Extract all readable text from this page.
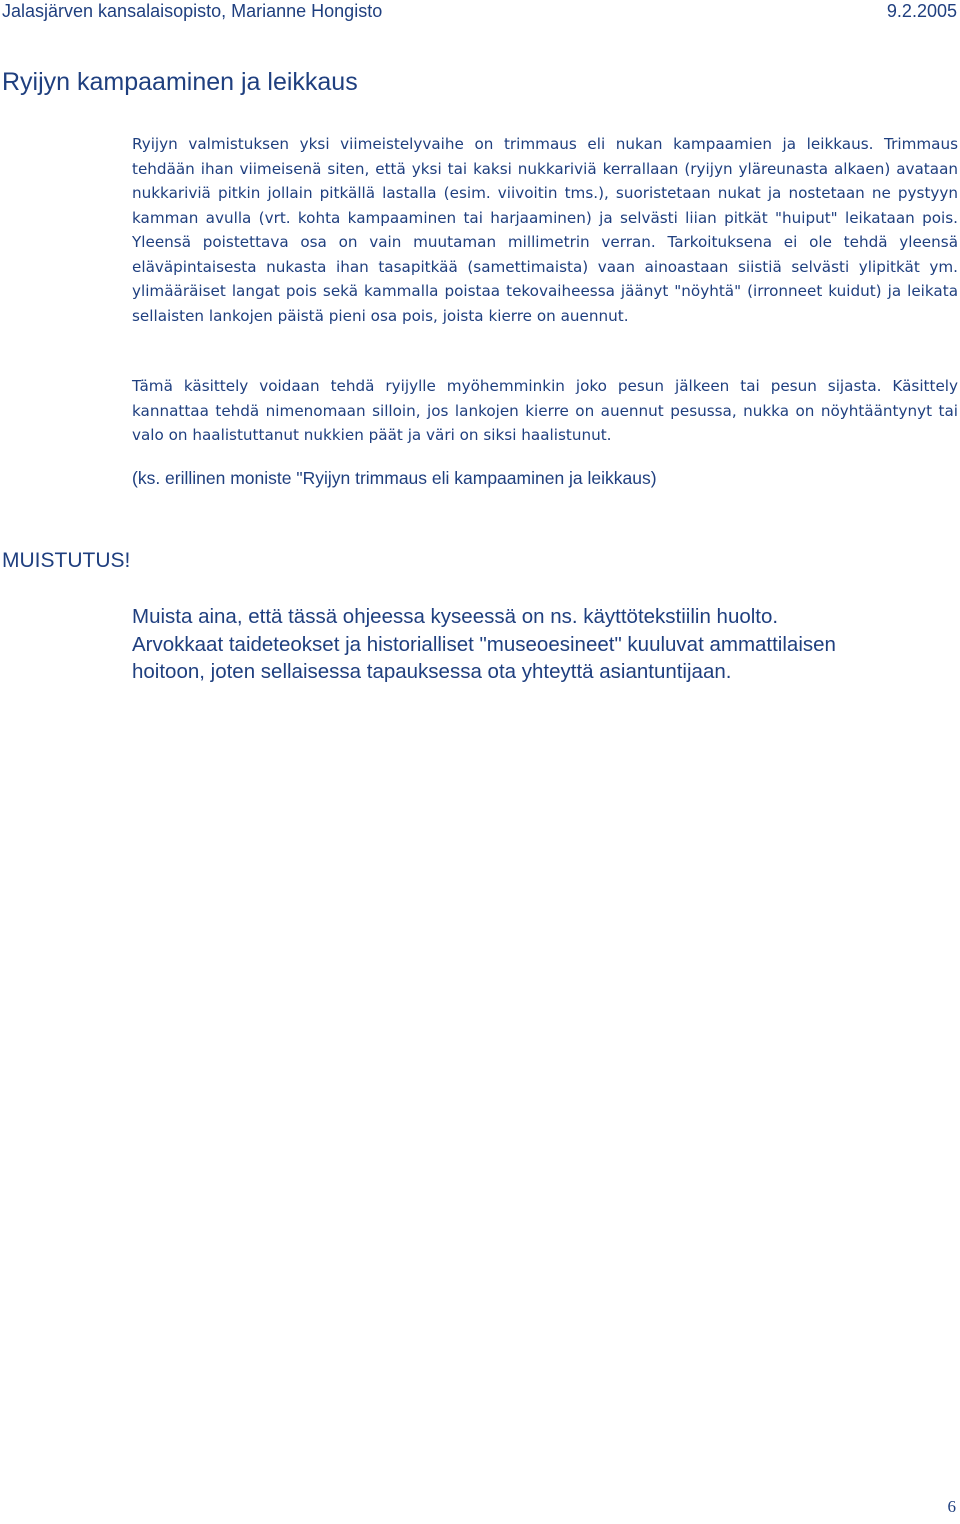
Jalasjärven kansalaisopisto, Marianne Hongisto	9.2.2005
Ryijyn kampaaminen ja leikkaus

Ryijyn valmistuksen yksi viimeistelyvaihe on trimmaus eli nukan kampaamien ja leikkaus. Trimmaus tehdään ihan viimeisenä siten, että yksi tai kaksi nukkariviä kerrallaan (ryijyn yläreunasta alkaen) avataan nukkariviä pitkin jollain pitkällä lastalla (esim. viivoitin tms.), suoristetaan nukat ja nostetaan ne pystyyn kamman avulla (vrt. kohta kampaaminen tai harjaaminen) ja selvästi liian pitkät "huiput" leikataan pois. Yleensä poistettava osa on vain muutaman millimetrin verran. Tarkoituksena ei ole tehdä yleensä eläväpintaisesta nukasta ihan tasapitkää (samettimaista) vaan ainoastaan siistiä selvästi ylipitkät ym. ylimääräiset langat pois sekä kammalla poistaa tekovaiheessa jäänyt "nöyhtä" (irronneet kuidut) ja leikata sellaisten lankojen päistä pieni osa pois, joista kierre on auennut.

Tämä käsittely voidaan tehdä ryijylle myöhemminkin joko pesun jälkeen tai pesun sijasta. Käsittely kannattaa tehdä nimenomaan silloin, jos lankojen kierre on auennut pesussa, nukka on nöyhtääntynyt tai valo on haalistuttanut nukkien päät ja väri on siksi haalistunut.

(ks. erillinen moniste "Ryijyn trimmaus eli kampaaminen ja leikkaus)

MUISTUTUS!

Muista aina, että tässä ohjeessa kyseessä on ns. käyttötekstiilin huolto.
Arvokkaat taideteokset ja historialliset "museoesineet" kuuluvat ammattilaisen
hoitoon, joten sellaisessa tapauksessa ota yhteyttä asiantuntijaan.

6
